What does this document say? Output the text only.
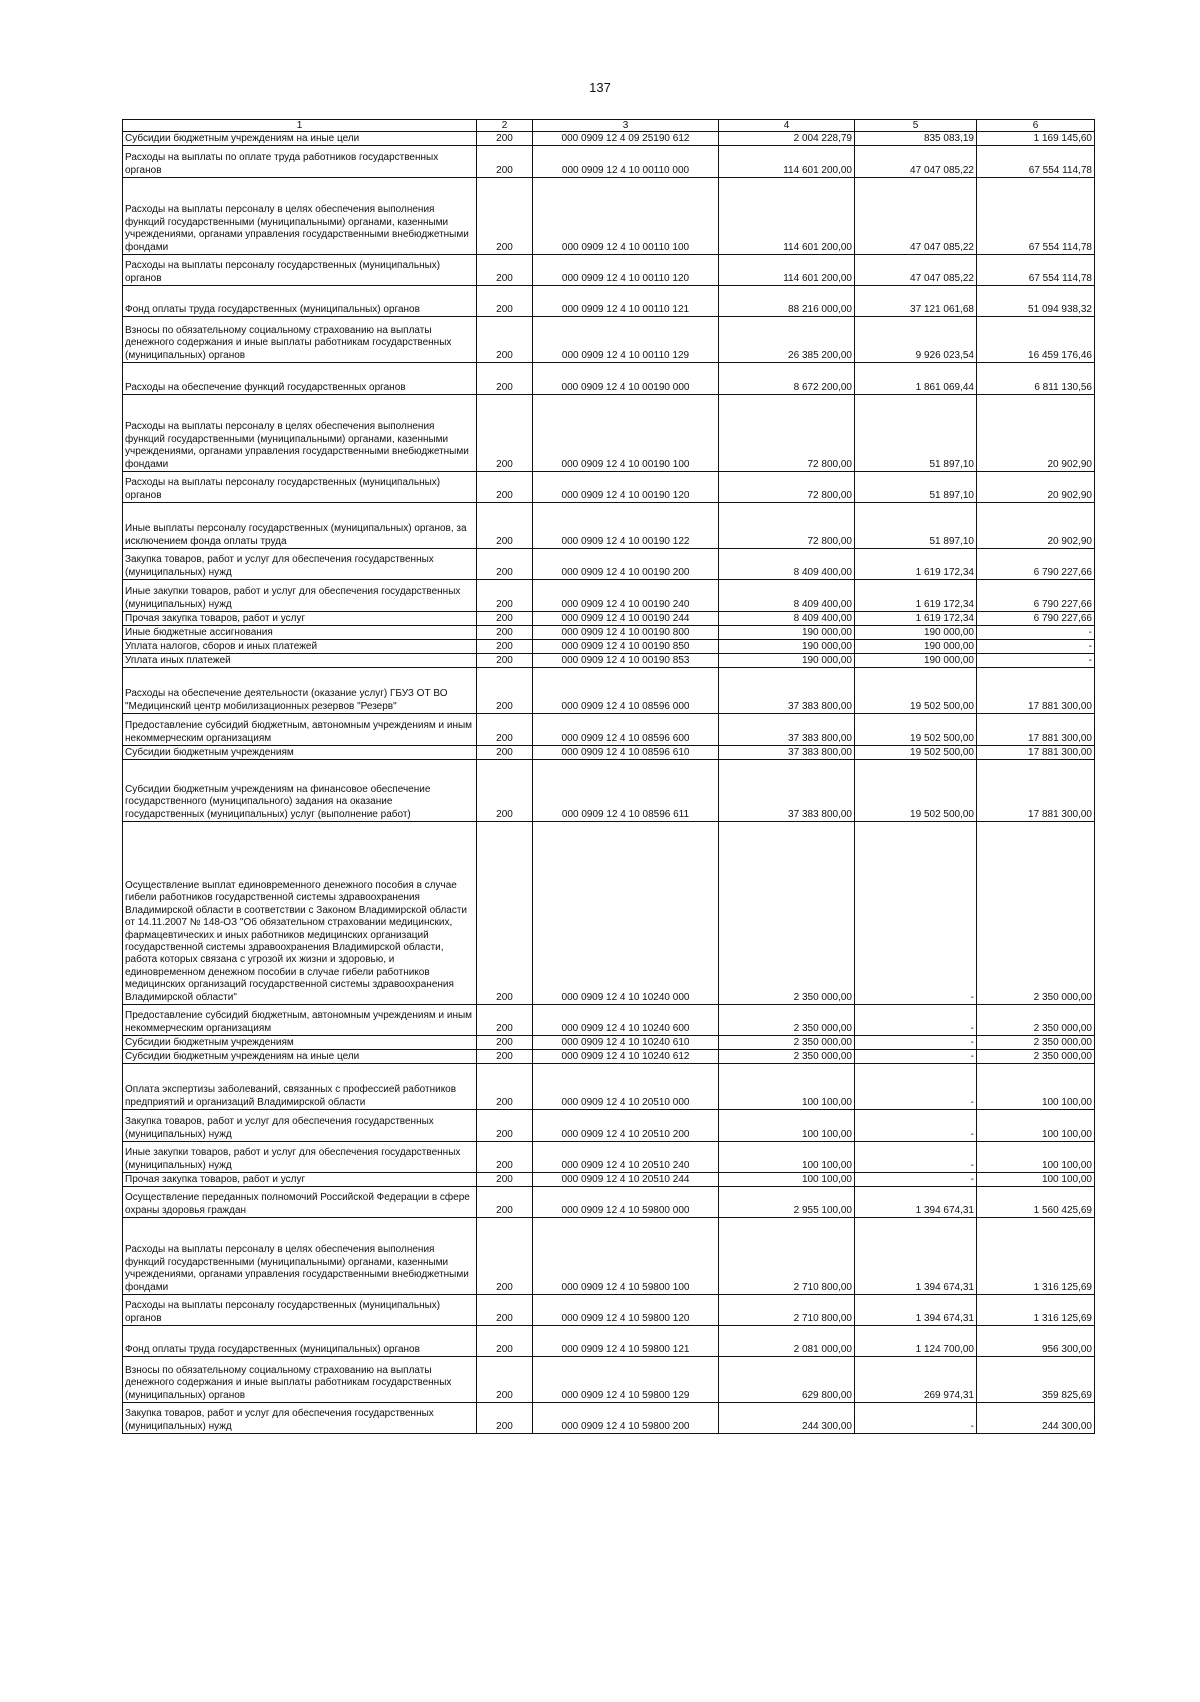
137
1	2	3	4	5	6
Субсидии бюджетным учреждениям на иные цели	200	000 0909 12 4 09 25190 612	2 004 228,79	835 083,19	1 169 145,60
Расходы на выплаты по оплате труда работников государственных органов	200	000 0909 12 4 10 00110 000	114 601 200,00	47 047 085,22	67 554 114,78
Расходы на выплаты персоналу в целях обеспечения выполнения функций государственными (муниципальными) органами, казенными учреждениями, органами управления государственными внебюджетными фондами	200	000 0909 12 4 10 00110 100	114 601 200,00	47 047 085,22	67 554 114,78
Расходы на выплаты персоналу государственных (муниципальных) органов	200	000 0909 12 4 10 00110 120	114 601 200,00	47 047 085,22	67 554 114,78
Фонд оплаты труда государственных (муниципальных) органов	200	000 0909 12 4 10 00110 121	88 216 000,00	37 121 061,68	51 094 938,32
Взносы по обязательному социальному страхованию на выплаты денежного содержания и иные выплаты работникам государственных (муниципальных) органов	200	000 0909 12 4 10 00110 129	26 385 200,00	9 926 023,54	16 459 176,46
Расходы на обеспечение функций государственных органов	200	000 0909 12 4 10 00190 000	8 672 200,00	1 861 069,44	6 811 130,56
Расходы на выплаты персоналу в целях обеспечения выполнения функций государственными (муниципальными) органами, казенными учреждениями, органами управления государственными внебюджетными фондами	200	000 0909 12 4 10 00190 100	72 800,00	51 897,10	20 902,90
Расходы на выплаты персоналу государственных (муниципальных) органов	200	000 0909 12 4 10 00190 120	72 800,00	51 897,10	20 902,90
Иные выплаты персоналу государственных (муниципальных) органов, за исключением фонда оплаты труда	200	000 0909 12 4 10 00190 122	72 800,00	51 897,10	20 902,90
Закупка товаров, работ и услуг для обеспечения государственных (муниципальных) нужд	200	000 0909 12 4 10 00190 200	8 409 400,00	1 619 172,34	6 790 227,66
Иные закупки товаров, работ и услуг для обеспечения государственных (муниципальных) нужд	200	000 0909 12 4 10 00190 240	8 409 400,00	1 619 172,34	6 790 227,66
Прочая закупка товаров, работ и услуг	200	000 0909 12 4 10 00190 244	8 409 400,00	1 619 172,34	6 790 227,66
Иные бюджетные ассигнования	200	000 0909 12 4 10 00190 800	190 000,00	190 000,00	-
Уплата налогов, сборов и иных платежей	200	000 0909 12 4 10 00190 850	190 000,00	190 000,00	-
Уплата иных платежей	200	000 0909 12 4 10 00190 853	190 000,00	190 000,00	-
Расходы на обеспечение деятельности (оказание услуг) ГБУЗ ОТ ВО "Медицинский центр мобилизационных резервов "Резерв"	200	000 0909 12 4 10 08596 000	37 383 800,00	19 502 500,00	17 881 300,00
Предоставление субсидий бюджетным, автономным учреждениям и иным некоммерческим организациям	200	000 0909 12 4 10 08596 600	37 383 800,00	19 502 500,00	17 881 300,00
Субсидии бюджетным учреждениям	200	000 0909 12 4 10 08596 610	37 383 800,00	19 502 500,00	17 881 300,00
Субсидии бюджетным учреждениям на финансовое обеспечение государственного (муниципального) задания на оказание государственных (муниципальных) услуг (выполнение работ)	200	000 0909 12 4 10 08596 611	37 383 800,00	19 502 500,00	17 881 300,00
Осуществление выплат единовременного денежного пособия в случае гибели работников государственной системы здравоохранения Владимирской области в соответствии с Законом Владимирской области от 14.11.2007 № 148-ОЗ "Об обязательном страховании медицинских, фармацевтических и иных работников медицинских организаций государственной системы здравоохранения Владимирской области, работа которых связана с угрозой их жизни и здоровью, и единовременном денежном пособии в случае гибели работников медицинских организаций государственной системы здравоохранения Владимирской области"	200	000 0909 12 4 10 10240 000	2 350 000,00	-	2 350 000,00
Предоставление субсидий бюджетным, автономным учреждениям и иным некоммерческим организациям	200	000 0909 12 4 10 10240 600	2 350 000,00	-	2 350 000,00
Субсидии бюджетным учреждениям	200	000 0909 12 4 10 10240 610	2 350 000,00	-	2 350 000,00
Субсидии бюджетным учреждениям на иные цели	200	000 0909 12 4 10 10240 612	2 350 000,00	-	2 350 000,00
Оплата экспертизы заболеваний, связанных с профессией работников предприятий и организаций Владимирской области	200	000 0909 12 4 10 20510 000	100 100,00	-	100 100,00
Закупка товаров, работ и услуг для обеспечения государственных (муниципальных) нужд	200	000 0909 12 4 10 20510 200	100 100,00	-	100 100,00
Иные закупки товаров, работ и услуг для обеспечения государственных (муниципальных) нужд	200	000 0909 12 4 10 20510 240	100 100,00	-	100 100,00
Прочая закупка товаров, работ и услуг	200	000 0909 12 4 10 20510 244	100 100,00	-	100 100,00
Осуществление переданных полномочий Российской Федерации в сфере охраны здоровья граждан	200	000 0909 12 4 10 59800 000	2 955 100,00	1 394 674,31	1 560 425,69
Расходы на выплаты персоналу в целях обеспечения выполнения функций государственными (муниципальными) органами, казенными учреждениями, органами управления государственными внебюджетными фондами	200	000 0909 12 4 10 59800 100	2 710 800,00	1 394 674,31	1 316 125,69
Расходы на выплаты персоналу государственных (муниципальных) органов	200	000 0909 12 4 10 59800 120	2 710 800,00	1 394 674,31	1 316 125,69
Фонд оплаты труда государственных (муниципальных) органов	200	000 0909 12 4 10 59800 121	2 081 000,00	1 124 700,00	956 300,00
Взносы по обязательному социальному страхованию на выплаты денежного содержания и иные выплаты работникам государственных (муниципальных) органов	200	000 0909 12 4 10 59800 129	629 800,00	269 974,31	359 825,69
Закупка товаров, работ и услуг для обеспечения государственных (муниципальных) нужд	200	000 0909 12 4 10 59800 200	244 300,00	-	244 300,00
